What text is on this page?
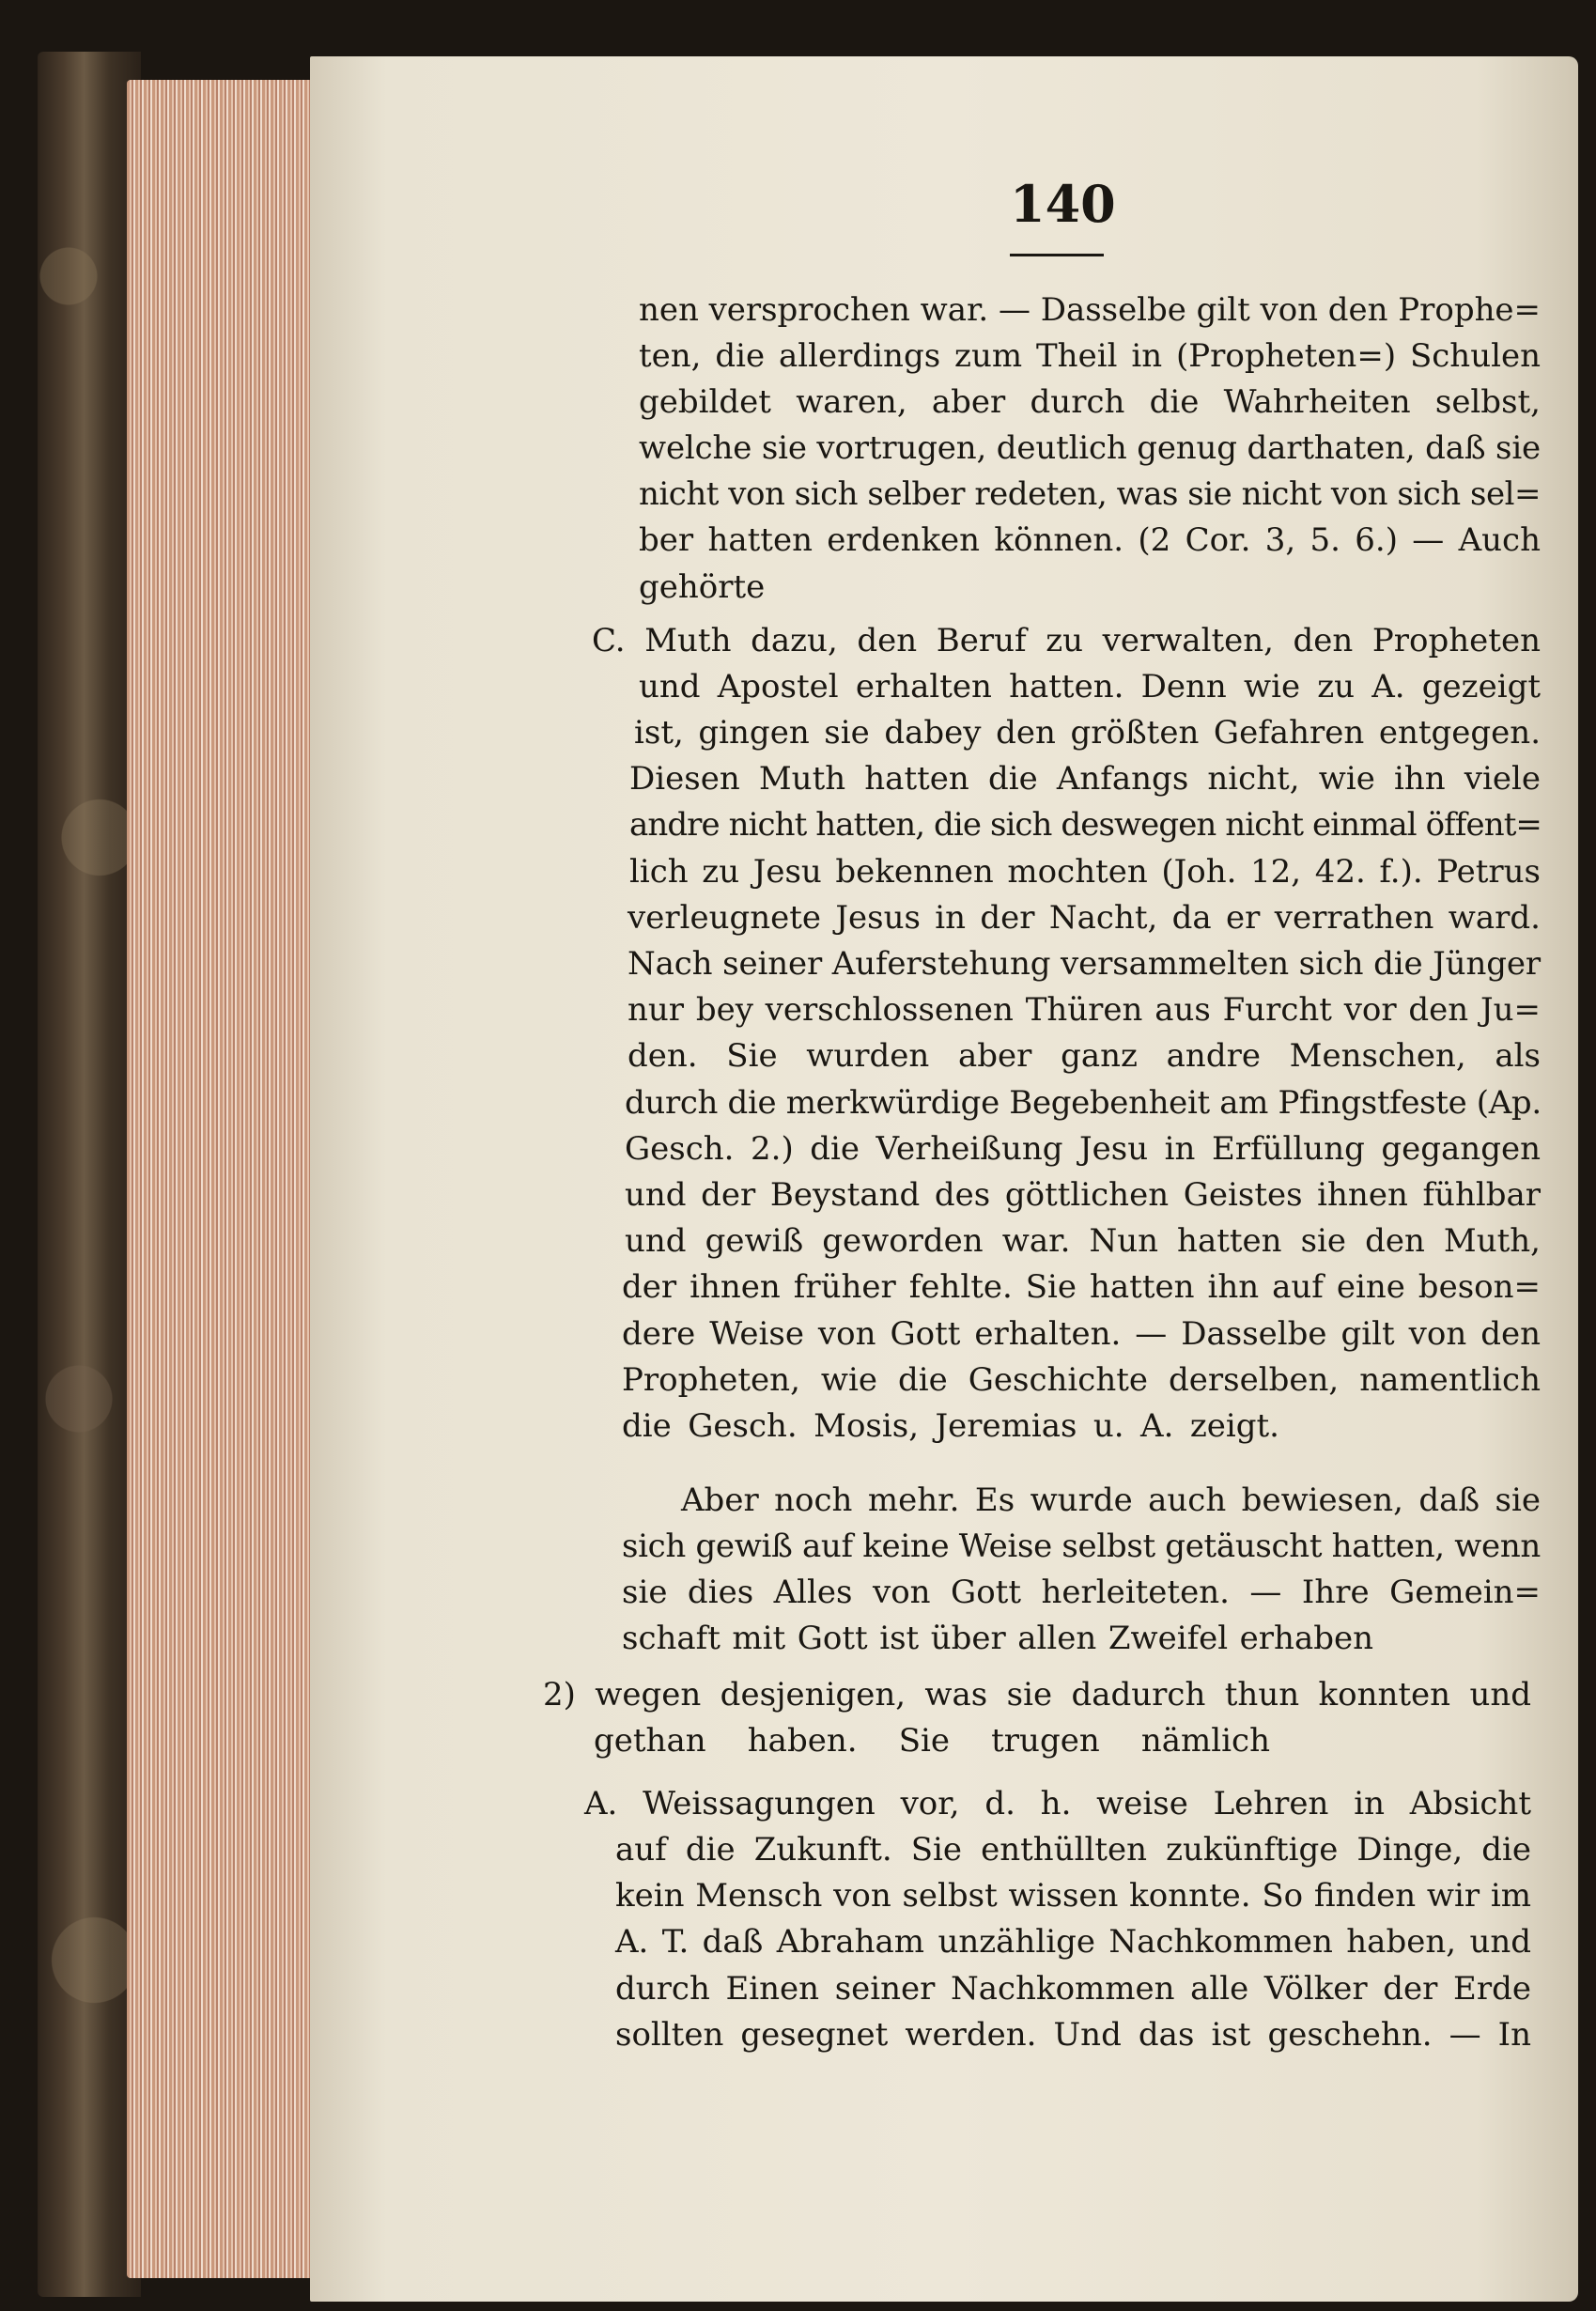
140
nen versprochen war. — Dasselbe gilt von den Prophe=
ten, die allerdings zum Theil in (Propheten=) Schulen
gebildet waren, aber durch die Wahrheiten selbst,
welche sie vortrugen, deutlich genug darthaten, daß sie
nicht von sich selber redeten, was sie nicht von sich sel=
ber hatten erdenken können. (2 Cor. 3, 5. 6.) — Auch
gehörte
C. Muth dazu, den Beruf zu verwalten, den Propheten
und Apostel erhalten hatten. Denn wie zu A. gezeigt
ist, gingen sie dabey den größten Gefahren entgegen.
Diesen Muth hatten die Anfangs nicht, wie ihn viele
andre nicht hatten, die sich deswegen nicht einmal öffent=
lich zu Jesu bekennen mochten (Joh. 12, 42. f.). Petrus
verleugnete Jesus in der Nacht, da er verrathen ward.
Nach seiner Auferstehung versammelten sich die Jünger
nur bey verschlossenen Thüren aus Furcht vor den Ju=
den. Sie wurden aber ganz andre Menschen, als
durch die merkwürdige Begebenheit am Pfingstfeste (Ap.
Gesch. 2.) die Verheißung Jesu in Erfüllung gegangen
und der Beystand des göttlichen Geistes ihnen fühlbar
und gewiß geworden war. Nun hatten sie den Muth,
der ihnen früher fehlte. Sie hatten ihn auf eine beson=
dere Weise von Gott erhalten. — Dasselbe gilt von den
Propheten, wie die Geschichte derselben, namentlich
die Gesch. Mosis, Jeremias u. A. zeigt.
Aber noch mehr. Es wurde auch bewiesen, daß sie
sich gewiß auf keine Weise selbst getäuscht hatten, wenn
sie dies Alles von Gott herleiteten. — Ihre Gemein=
schaft mit Gott ist über allen Zweifel erhaben
2) wegen desjenigen, was sie dadurch thun konnten und
gethan haben. Sie trugen nämlich
A. Weissagungen vor, d. h. weise Lehren in Absicht
auf die Zukunft. Sie enthüllten zukünftige Dinge, die
kein Mensch von selbst wissen konnte. So finden wir im
A. T. daß Abraham unzählige Nachkommen haben, und
durch Einen seiner Nachkommen alle Völker der Erde
sollten gesegnet werden. Und das ist geschehn. — In
